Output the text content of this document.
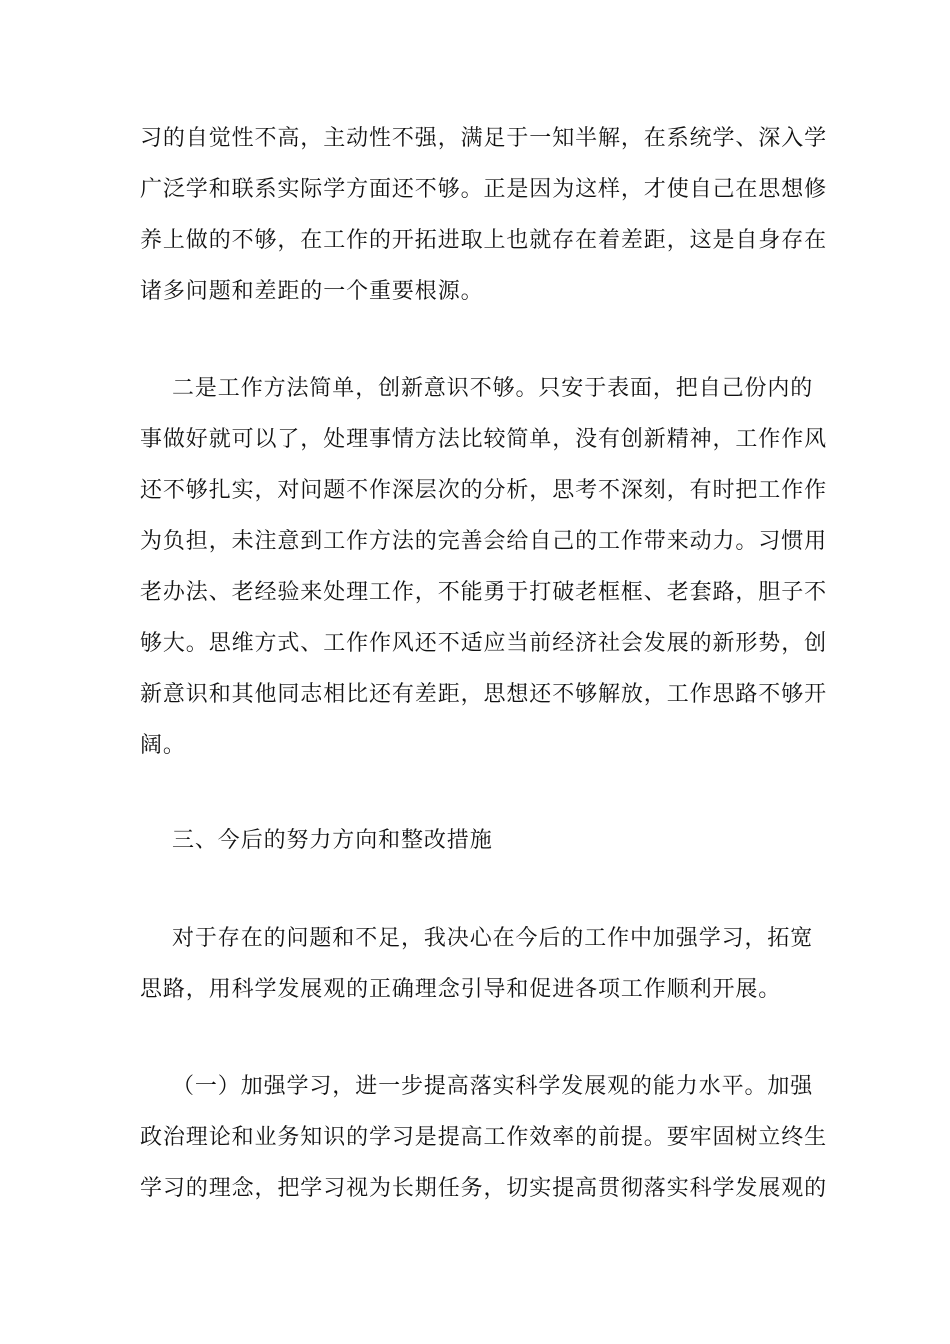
习的自觉性不高，主动性不强，满足于一知半解，在系统学、深入学
广泛学和联系实际学方面还不够。正是因为这样，才使自己在思想修
养上做的不够，在工作的开拓进取上也就存在着差距，这是自身存在
诸多问题和差距的一个重要根源。
二是工作方法简单，创新意识不够。只安于表面，把自己份内的
事做好就可以了，处理事情方法比较简单，没有创新精神，工作作风
还不够扎实，对问题不作深层次的分析，思考不深刻，有时把工作作
为负担，未注意到工作方法的完善会给自己的工作带来动力。习惯用
老办法、老经验来处理工作，不能勇于打破老框框、老套路，胆子不
够大。思维方式、工作作风还不适应当前经济社会发展的新形势，创
新意识和其他同志相比还有差距，思想还不够解放，工作思路不够开
阔。
三、今后的努力方向和整改措施
对于存在的问题和不足，我决心在今后的工作中加强学习，拓宽
思路，用科学发展观的正确理念引导和促进各项工作顺利开展。
（一）加强学习，进一步提高落实科学发展观的能力水平。加强
政治理论和业务知识的学习是提高工作效率的前提。要牢固树立终生
学习的理念，把学习视为长期任务，切实提高贯彻落实科学发展观的
